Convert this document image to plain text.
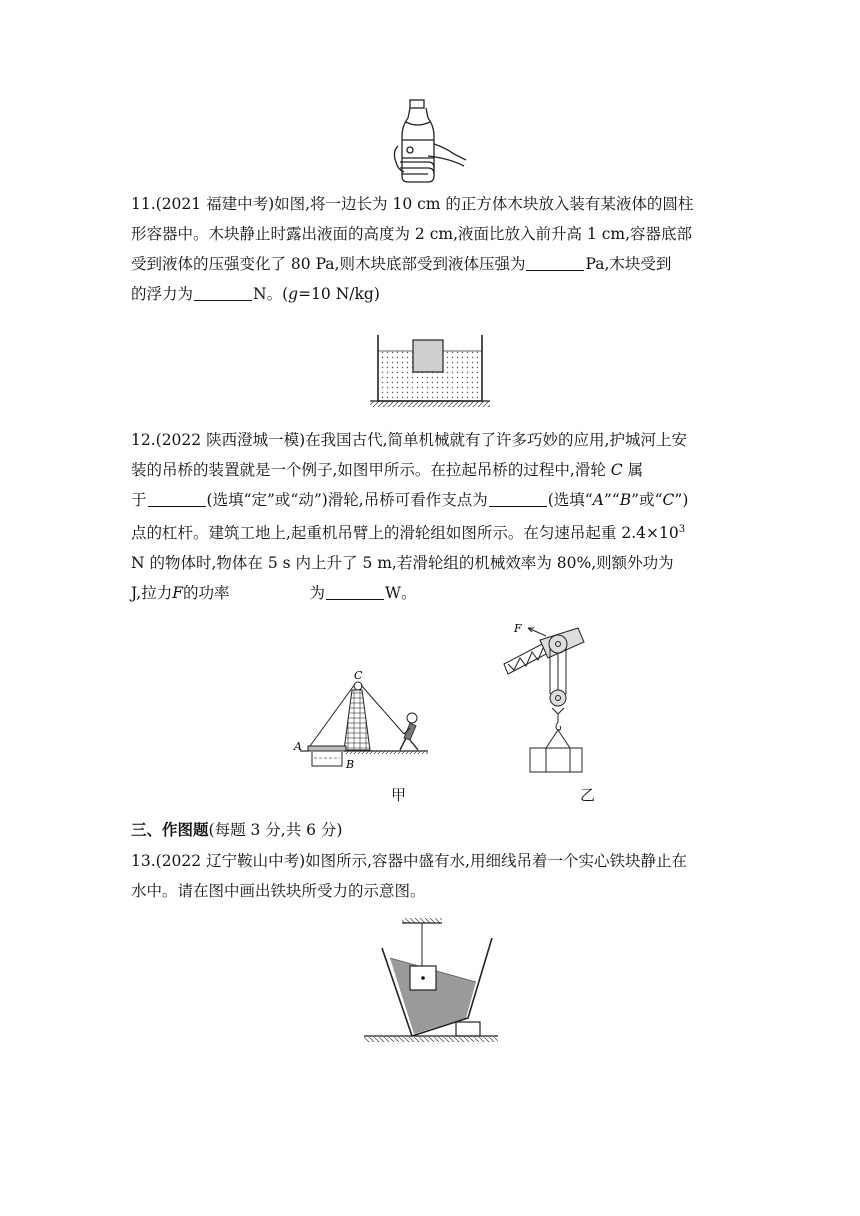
11.(2021 福建中考)如图,将一边长为 10 cm 的正方体木块放入装有某液体的圆柱
形容器中。木块静止时露出液面的高度为 2 cm,液面比放入前升高 1 cm,容器底部
受到液体的压强变化了 80 Pa,则木块底部受到液体压强为	Pa,木块受到
的浮力为	N。(g=10 N/kg)
12.(2022 陕西澄城一模)在我国古代,简单机械就有了许多巧妙的应用,护城河上安
装的吊桥的装置就是一个例子,如图甲所示。在拉起吊桥的过程中,滑轮 C 属
于	(选填“定”或“动”)滑轮,吊桥可看作支点为	(选填“A”“B”或“C”)
点的杠杆。建筑工地上,起重机吊臂上的滑轮组如图所示。在匀速吊起重 $2.4\times 10^3$
N 的物体时,物体在 5 s 内上升了 5 m,若滑轮组的机械效率为 80%,则额外功为
J,拉力F的功率	为	W。
C
A
B
甲
F
乙
三、作图题(每题 3 分,共 6 分)
13.(2022 辽宁鞍山中考)如图所示,容器中盛有水,用细线吊着一个实心铁块静止在
水中。请在图中画出铁块所受力的示意图。
